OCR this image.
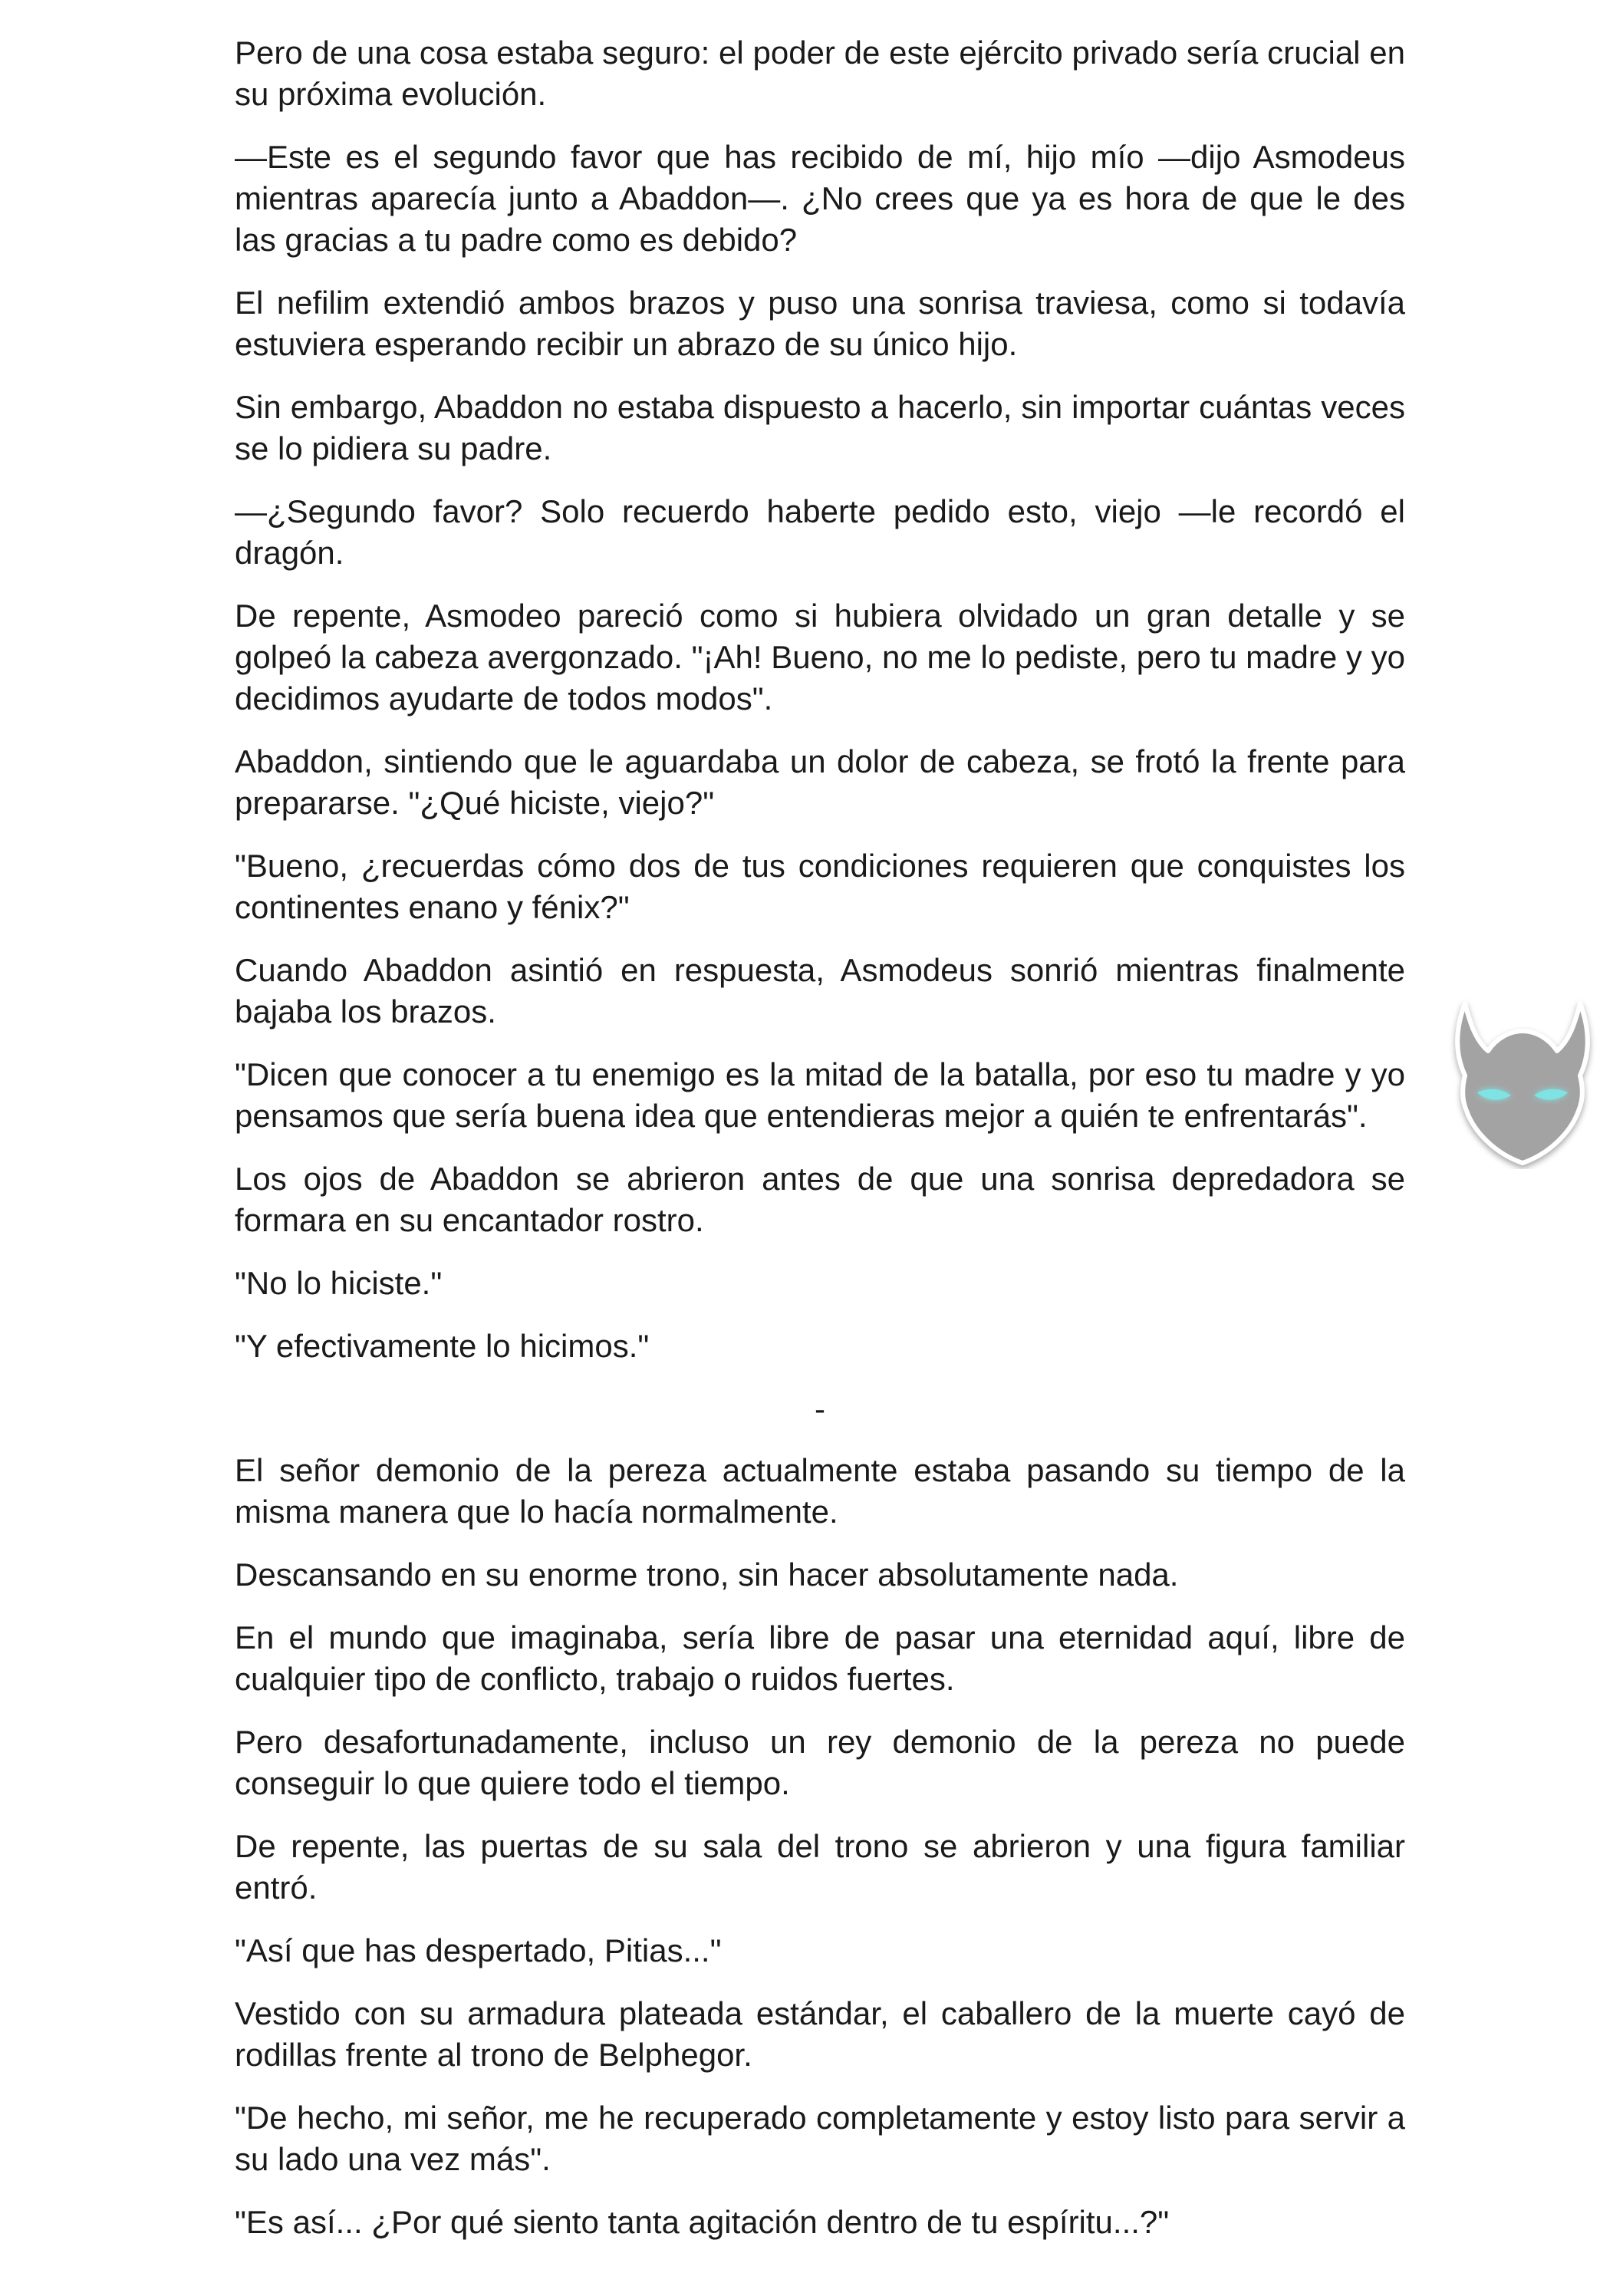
Pero de una cosa estaba seguro: el poder de este ejército privado sería crucial en su próxima evolución.

—Este es el segundo favor que has recibido de mí, hijo mío —dijo Asmodeus mientras aparecía junto a Abaddon—. ¿No crees que ya es hora de que le des las gracias a tu padre como es debido?

El nefilim extendió ambos brazos y puso una sonrisa traviesa, como si todavía estuviera esperando recibir un abrazo de su único hijo.

Sin embargo, Abaddon no estaba dispuesto a hacerlo, sin importar cuántas veces se lo pidiera su padre.

—¿Segundo favor? Solo recuerdo haberte pedido esto, viejo —le recordó el dragón.

De repente, Asmodeo pareció como si hubiera olvidado un gran detalle y se golpeó la cabeza avergonzado. "¡Ah! Bueno, no me lo pediste, pero tu madre y yo decidimos ayudarte de todos modos".

Abaddon, sintiendo que le aguardaba un dolor de cabeza, se frotó la frente para prepararse. "¿Qué hiciste, viejo?"

"Bueno, ¿recuerdas cómo dos de tus condiciones requieren que conquistes los continentes enano y fénix?"

Cuando Abaddon asintió en respuesta, Asmodeus sonrió mientras finalmente bajaba los brazos.

"Dicen que conocer a tu enemigo es la mitad de la batalla, por eso tu madre y yo pensamos que sería buena idea que entendieras mejor a quién te enfrentarás".

Los ojos de Abaddon se abrieron antes de que una sonrisa depredadora se formara en su encantador rostro.

"No lo hiciste."

"Y efectivamente lo hicimos."

-

El señor demonio de la pereza actualmente estaba pasando su tiempo de la misma manera que lo hacía normalmente.

Descansando en su enorme trono, sin hacer absolutamente nada.

En el mundo que imaginaba, sería libre de pasar una eternidad aquí, libre de cualquier tipo de conflicto, trabajo o ruidos fuertes.

Pero desafortunadamente, incluso un rey demonio de la pereza no puede conseguir lo que quiere todo el tiempo.

De repente, las puertas de su sala del trono se abrieron y una figura familiar entró.

"Así que has despertado, Pitias..."

Vestido con su armadura plateada estándar, el caballero de la muerte cayó de rodillas frente al trono de Belphegor.

"De hecho, mi señor, me he recuperado completamente y estoy listo para servir a su lado una vez más".

"Es así... ¿Por qué siento tanta agitación dentro de tu espíritu...?"
